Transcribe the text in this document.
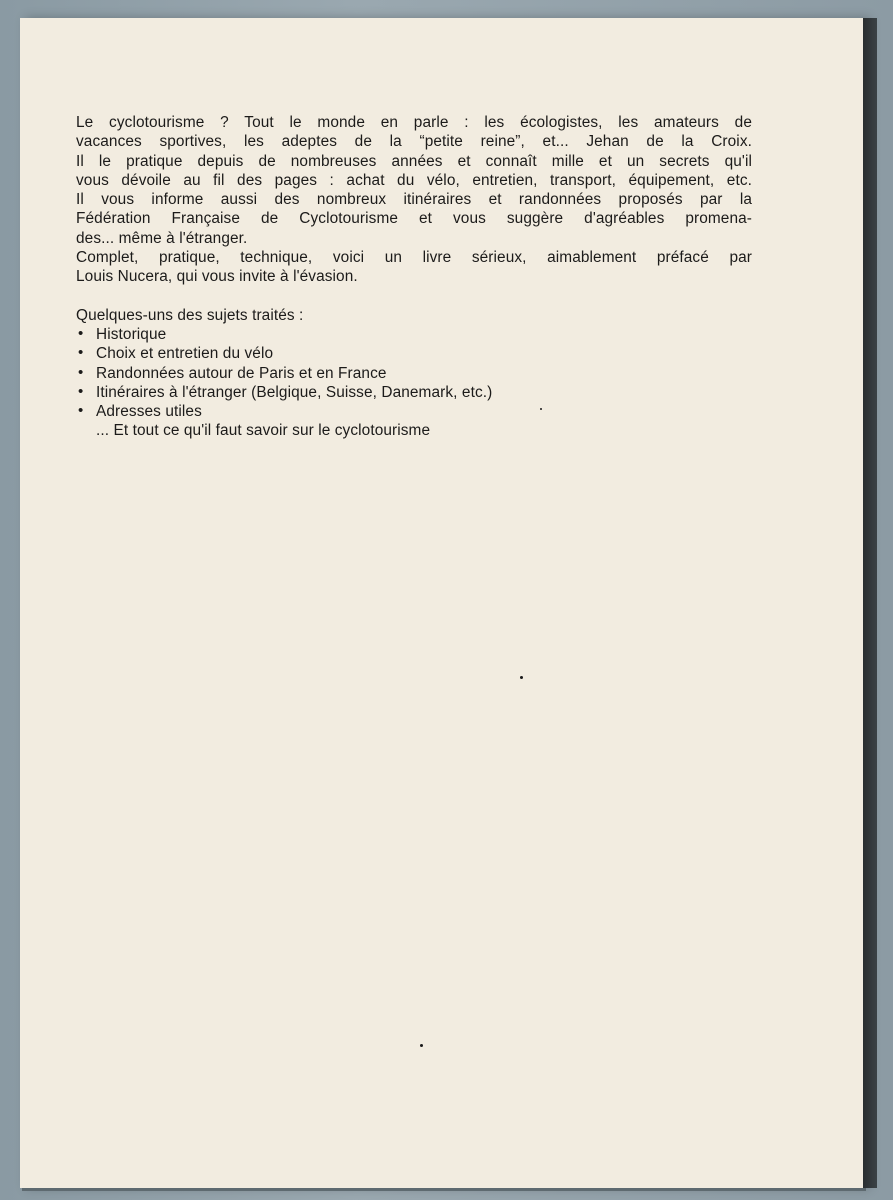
Le cyclotourisme ? Tout le monde en parle : les écologistes, les amateurs de
vacances sportives, les adeptes de la “petite reine”, et... Jehan de la Croix.
Il le pratique depuis de nombreuses années et connaît mille et un secrets qu'il
vous dévoile au fil des pages : achat du vélo, entretien, transport, équipement, etc.
Il vous informe aussi des nombreux itinéraires et randonnées proposés par la
Fédération Française de Cyclotourisme et vous suggère d'agréables promena-
des... même à l'étranger.
Complet, pratique, technique, voici un livre sérieux, aimablement préfacé par
Louis Nucera, qui vous invite à l'évasion.
Quelques-uns des sujets traités :
• Historique
• Choix et entretien du vélo
• Randonnées autour de Paris et en France
• Itinéraires à l'étranger (Belgique, Suisse, Danemark, etc.)
• Adresses utiles
... Et tout ce qu'il faut savoir sur le cyclotourisme
